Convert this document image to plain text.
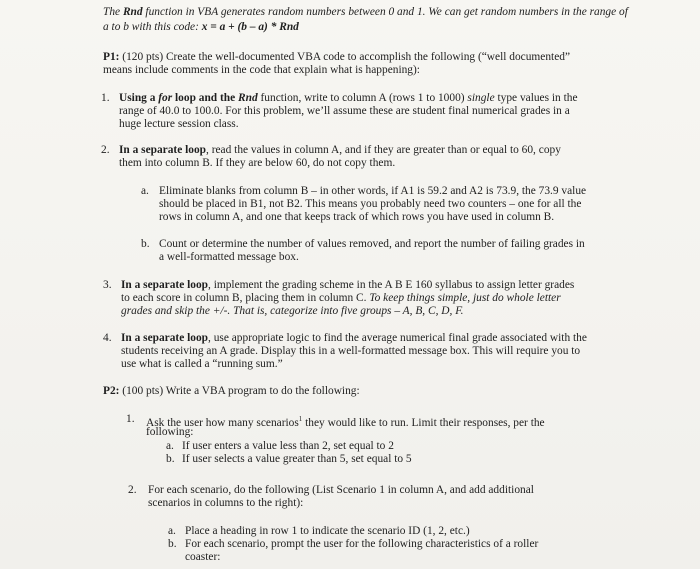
The Rnd function in VBA generates random numbers between 0 and 1. We can get random numbers in the range of
a to b with this code: x = a + (b – a) * Rnd
P1: (120 pts) Create the well-documented VBA code to accomplish the following (“well documented”
means include comments in the code that explain what is happening):
1. Using a for loop and the Rnd function, write to column A (rows 1 to 1000) single type values in the
range of 40.0 to 100.0. For this problem, we’ll assume these are student final numerical grades in a
huge lecture session class.
2. In a separate loop, read the values in column A, and if they are greater than or equal to 60, copy
them into column B. If they are below 60, do not copy them.
a. Eliminate blanks from column B – in other words, if A1 is 59.2 and A2 is 73.9, the 73.9 value
should be placed in B1, not B2. This means you probably need two counters – one for all the
rows in column A, and one that keeps track of which rows you have used in column B.
b. Count or determine the number of values removed, and report the number of failing grades in
a well-formatted message box.
3. In a separate loop, implement the grading scheme in the A B E 160 syllabus to assign letter grades
to each score in column B, placing them in column C. To keep things simple, just do whole letter
grades and skip the +/-. That is, categorize into five groups – A, B, C, D, F.
4. In a separate loop, use appropriate logic to find the average numerical final grade associated with the
students receiving an A grade. Display this in a well-formatted message box. This will require you to
use what is called a “running sum.”
P2: (100 pts) Write a VBA program to do the following:
1. Ask the user how many scenarios$^1$ they would like to run. Limit their responses, per the
following:
a. If user enters a value less than 2, set equal to 2
b. If user selects a value greater than 5, set equal to 5
2. For each scenario, do the following (List Scenario 1 in column A, and add additional
scenarios in columns to the right):
a. Place a heading in row 1 to indicate the scenario ID (1, 2, etc.)
b. For each scenario, prompt the user for the following characteristics of a roller
coaster:
